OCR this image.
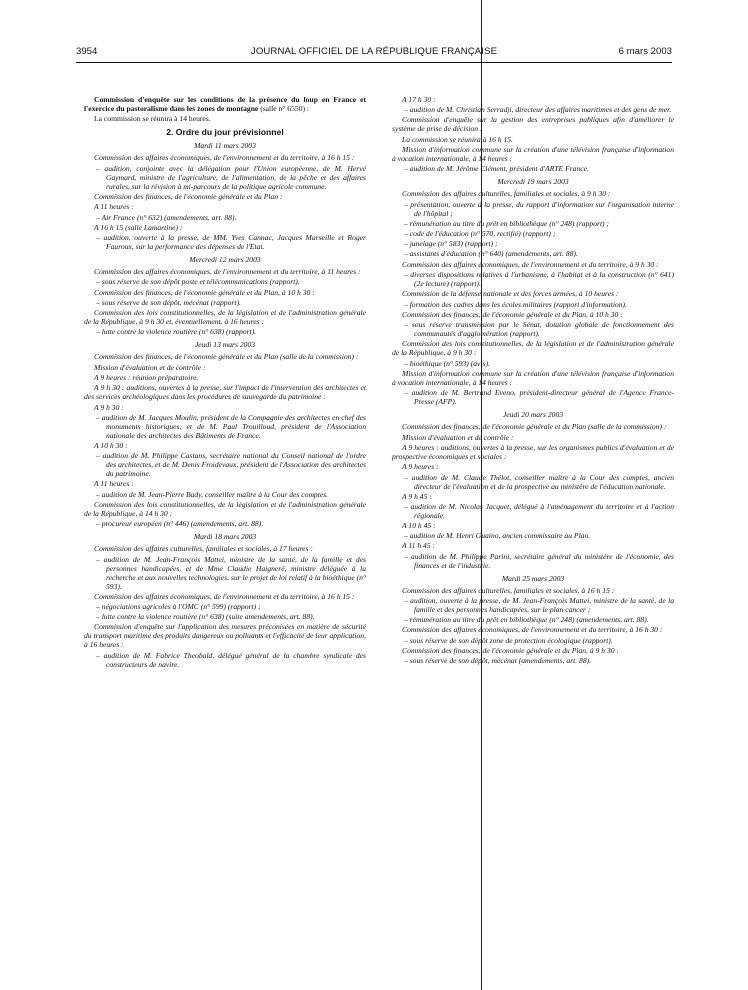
3954	JOURNAL OFFICIEL DE LA RÉPUBLIQUE FRANÇAISE	6 mars 2003

Commission d'enquête sur les conditions de la présence du loup en France et l'exercice du pastoralisme dans les zones de montagne (salle n° 6550) :

La commission se réunira à 14 heures.

2. Ordre du jour prévisionnel
Mardi 11 mars 2003

Commission des affaires économiques, de l'environnement et du territoire, à 16 h 15 :

– audition, conjointe avec la délégation pour l'Union européenne, de M. Hervé Gaymard, ministre de l'agriculture, de l'alimentation, de la pêche et des affaires rurales, sur la révision à mi-parcours de la politique agricole commune.

Commission des finances, de l'économie générale et du Plan :

A 11 heures :

– Air France (n° 632) (amendements, art. 88).

A 16 h 15 (salle Lamartine) :

– audition, ouverte à la presse, de MM. Yves Cannac, Jacques Marseille et Roger Fauroux, sur la performance des dépenses de l'Etat.

Mercredi 12 mars 2003

Commission des affaires économiques, de l'environnement et du territoire, à 11 heures :

– sous réserve de son dépôt poste et télécommunications (rapport).

Commission des finances, de l'économie générale et du Plan, à 10 h 30 :

– sous réserve de son dépôt, mécénat (rapport).

Commission des lois constitutionnelles, de la législation et de l'administration générale de la République, à 9 h 30 et, éventuellement, à 16 heures :

– lutte contre la violence routière (n° 638) (rapport).

Jeudi 13 mars 2003

Commission des finances, de l'économie générale et du Plan (salle de la commission) :

Mission d'évaluation et de contrôle :

A 9 heures : réunion préparatoire.

A 9 h 30 : auditions, ouvertes à la presse, sur l'impact de l'intervention des architectes et des services archéologiques dans les procédures de sauvegarde du patrimoine :

A 9 h 30 :

– audition de M. Jacques Moulin, président de la Compagnie des architectes en chef des monuments historiques, et de M. Paul Trouilloud, président de l'Association nationale des architectes des Bâtiments de France.

A 10 h 30 :

– audition de M. Philippe Castans, secrétaire national du Conseil national de l'ordre des architectes, et de M. Denis Froidevaux, président de l'Association des architectes du patrimoine.

A 11 heures :

– audition de M. Jean-Pierre Bady, conseiller maître à la Cour des comptes.

Commission des lois constitutionnelles, de la législation et de l'administration générale de la République, à 14 h 30 :

– procureur européen (n° 446) (amendements, art. 88).

Mardi 18 mars 2003

Commission des affaires culturelles, familiales et sociales, à 17 heures :

– audition de M. Jean-François Mattei, ministre de la santé, de la famille et des personnes handicapées, et de Mme Claudie Haigneré, ministre déléguée à la recherche et aux nouvelles technologies, sur le projet de loi relatif à la bioéthique (n° 593).

Commission des affaires économiques, de l'environnement et du territoire, à 16 h 15 :

– négociations agricoles à l'OMC (n° 599) (rapport) ;

– lutte contre la violence routière (n° 638) (suite amendements, art. 88).

Commission d'enquête sur l'application des mesures préconisées en matière de sécurité du transport maritime des produits dangereux ou polluants et l'efficacité de leur application, à 16 heures :

– audition de M. Fabrice Theobald, délégué général de la chambre syndicale des constructeurs de navire.

A 17 h 30 :

– audition de M. Christian Serradji, directeur des affaires maritimes et des gens de mer.

Commission d'enquête sur la gestion des entreprises publiques afin d'améliorer le système de prise de décision :

La commission se réunira à 16 h 15.

Mission d'information commune sur la création d'une télévision française d'information à vocation internationale, à 14 heures :

– audition de M. Jérôme Clément, président d'ARTE France.

Mercredi 19 mars 2003

Commission des affaires culturelles, familiales et sociales, à 9 h 30 :

– présentation, ouverte à la presse, du rapport d'information sur l'organisation interne de l'hôpital ;

– rémunération au titre du prêt en bibliothèque (n° 248) (rapport) ;

– code de l'éducation (n° 570, rectifié) (rapport) ;

– junelage (n° 583) (rapport) ;

– assistants d'éducation (n° 640) (amendements, art. 88).

Commission des affaires économiques, de l'environnement et du territoire, à 9 h 30 :

– diverses dispositions relatives à l'urbanisme, à l'habitat et à la construction (n° 641) (2e lecture) (rapport).

Commission de la défense nationale et des forces armées, à 10 heures :

– formation des cadres dans les écoles militaires (rapport d'information).

Commission des finances, de l'économie générale et du Plan, à 10 h 30 :

– sous réserve transmission par le Sénat, dotation globale de fonctionnement des communautés d'agglomération (rapport).

Commission des lois constitutionnelles, de la législation et de l'administration générale de la République, à 9 h 30 :

– bioéthique (n° 593) (avis).

Mission d'information commune sur la création d'une télévision française d'information à vocation internationale, à 14 heures :

– audition de M. Bertrand Eveno, président-directeur général de l'Agence France-Presse (AFP).

Jeudi 20 mars 2003

Commission des finances, de l'économie générale et du Plan (salle de la commission) :

Mission d'évaluation et de contrôle :

A 9 heures : auditions, ouvertes à la presse, sur les organismes publics d'évaluation et de prospective économiques et sociales :

A 9 heures :

– audition de M. Claude Thélot, conseiller maître à la Cour des comptes, ancien directeur de l'évaluation et de la prospective au ministère de l'éducation nationale.

A 9 h 45 :

– audition de M. Nicolas Jacquet, délégué à l'aménagement du territoire et à l'action régionale.

A 10 h 45 :

– audition de M. Henri Guaino, ancien commissaire au Plan.

A 11 h 45 :

– audition de M. Philippe Parini, secrétaire général du ministère de l'économie, des finances et de l'industrie.

Mardi 25 mars 2003

Commission des affaires culturelles, familiales et sociales, à 16 h 15 :

– audition, ouverte à la presse, de M. Jean-François Mattei, ministre de la santé, de la famille et des personnes handicapées, sur le plan cancer ;

– rémunération au titre du prêt en bibliothèque (n° 248) (amendements, art. 88).

Commission des affaires économiques, de l'environnement et du territoire, à 16 h 30 :

– sous réserve de son dépôt zone de protection écologique (rapport).

Commission des finances, de l'économie générale et du Plan, à 9 h 30 :

– sous réserve de son dépôt, mécénat (amendements, art. 88).
